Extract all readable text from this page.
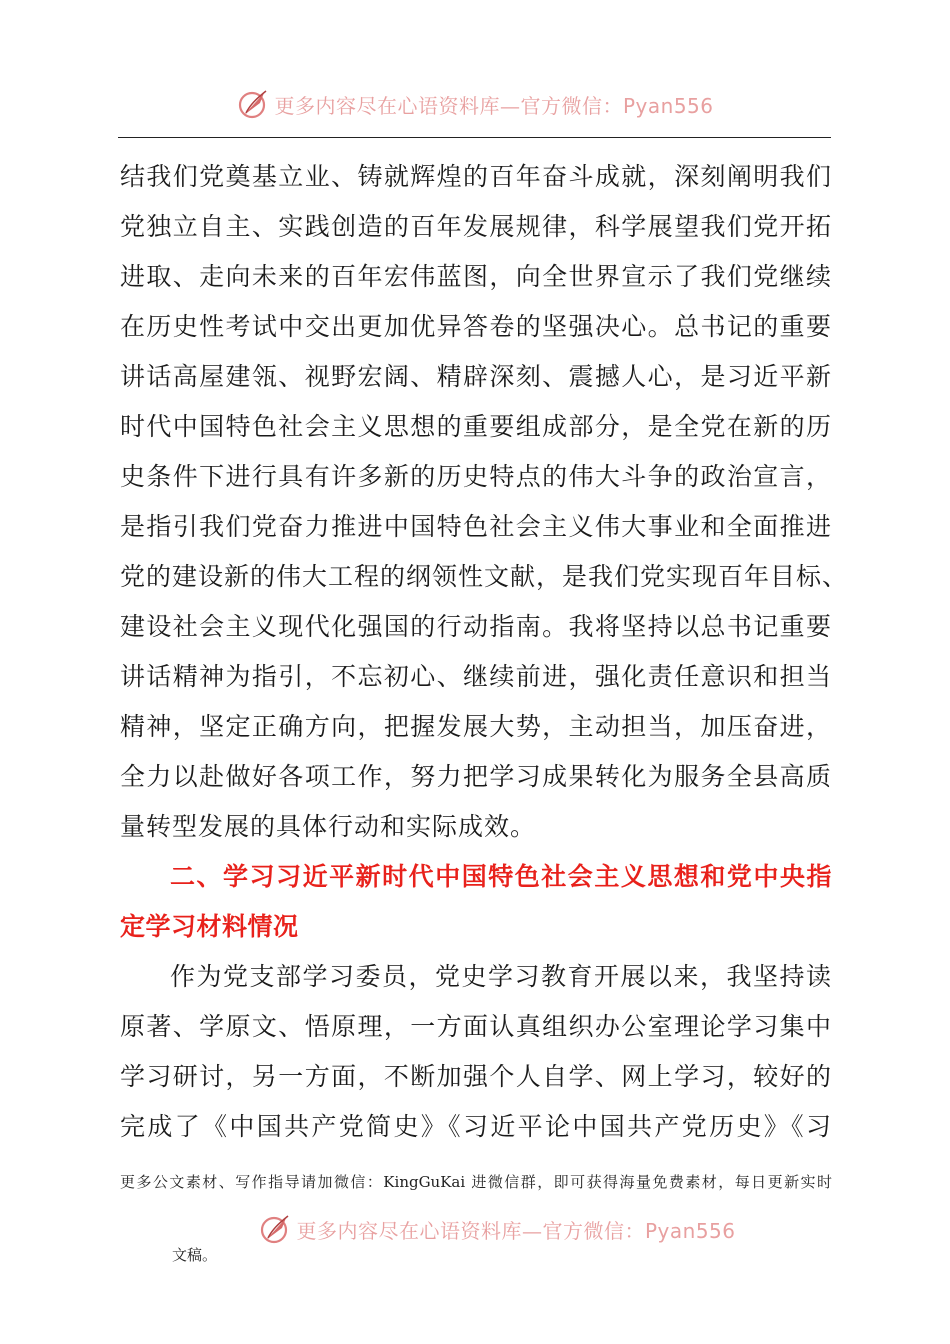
更多内容尽在心语资料库—官方微信：Pyan556
结我们党奠基立业、铸就辉煌的百年奋斗成就，深刻阐明我们
党独立自主、实践创造的百年发展规律，科学展望我们党开拓
进取、走向未来的百年宏伟蓝图，向全世界宣示了我们党继续
在历史性考试中交出更加优异答卷的坚强决心。总书记的重要
讲话高屋建瓴、视野宏阔、精辟深刻、震撼人心，是习近平新
时代中国特色社会主义思想的重要组成部分，是全党在新的历
史条件下进行具有许多新的历史特点的伟大斗争的政治宣言，
是指引我们党奋力推进中国特色社会主义伟大事业和全面推进
党的建设新的伟大工程的纲领性文献，是我们党实现百年目标、
建设社会主义现代化强国的行动指南。我将坚持以总书记重要
讲话精神为指引，不忘初心、继续前进，强化责任意识和担当
精神，坚定正确方向，把握发展大势，主动担当，加压奋进，
全力以赴做好各项工作，努力把学习成果转化为服务全县高质
量转型发展的具体行动和实际成效。
二、学习习近平新时代中国特色社会主义思想和党中央指
定学习材料情况
作为党支部学习委员，党史学习教育开展以来，我坚持读
原著、学原文、悟原理，一方面认真组织办公室理论学习集中
学习研讨，另一方面，不断加强个人自学、网上学习，较好的
完成了《中国共产党简史》《习近平论中国共产党历史》《习
更多公文素材、写作指导请加微信：KingGuKai 进微信群，即可获得海量免费素材，每日更新实时
更多内容尽在心语资料库—官方微信：Pyan556
文稿。
